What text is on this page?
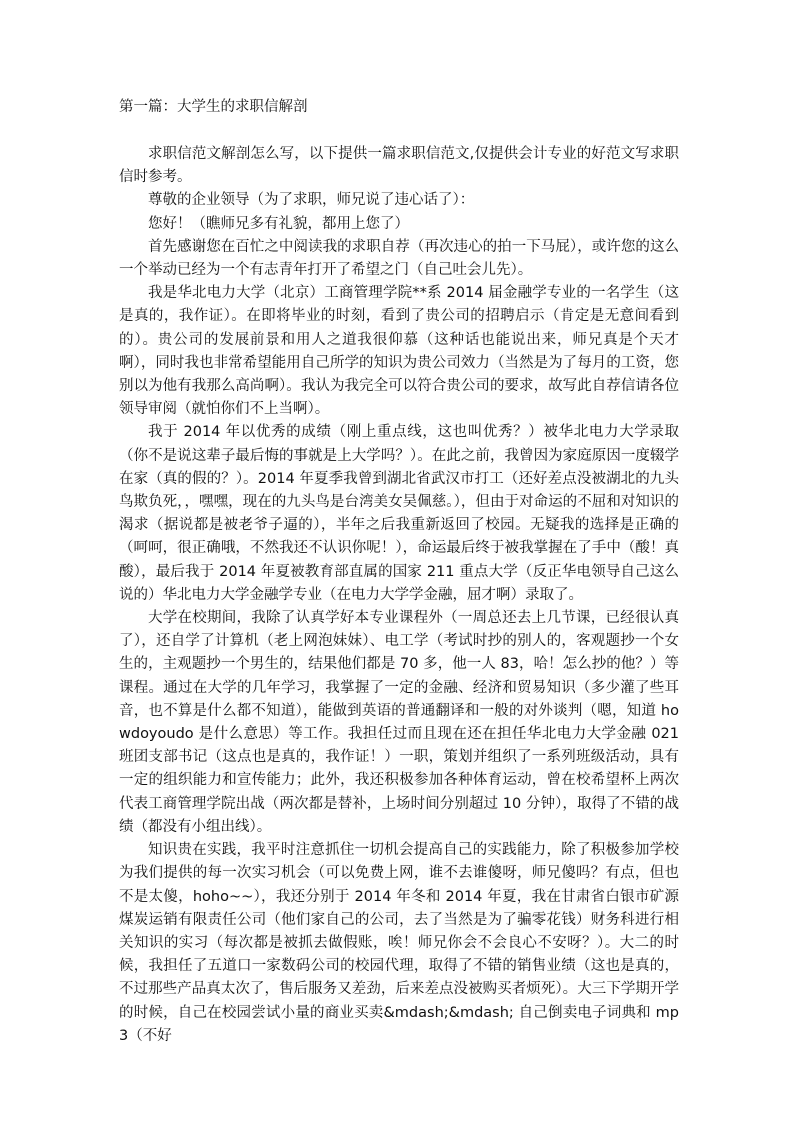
第一篇：大学生的求职信解剖

求职信范文解剖怎么写，以下提供一篇求职信范文,仅提供会计专业的好范文写求职信时参考。

尊敬的企业领导（为了求职，师兄说了违心话了）：

您好！（瞧师兄多有礼貌，都用上您了）

首先感谢您在百忙之中阅读我的求职自荐（再次违心的拍一下马屁），或许您的这么一个举动已经为一个有志青年打开了希望之门（自己吐会儿先）。

我是华北电力大学（北京）工商管理学院**系 2014 届金融学专业的一名学生（这是真的，我作证）。在即将毕业的时刻，看到了贵公司的招聘启示（肯定是无意间看到的）。贵公司的发展前景和用人之道我很仰慕（这种话也能说出来，师兄真是个天才啊），同时我也非常希望能用自己所学的知识为贵公司效力（当然是为了每月的工资，您别以为他有我那么高尚啊）。我认为我完全可以符合贵公司的要求，故写此自荐信请各位领导审阅（就怕你们不上当啊）。

我于 2014 年以优秀的成绩（刚上重点线，这也叫优秀？）被华北电力大学录取（你不是说这辈子最后悔的事就是上大学吗？）。在此之前，我曾因为家庭原因一度辍学在家（真的假的？）。2014 年夏季我曾到湖北省武汉市打工（还好差点没被湖北的九头鸟欺负死，，嘿嘿，现在的九头鸟是台湾美女吴佩慈。），但由于对命运的不屈和对知识的渴求（据说都是被老爷子逼的），半年之后我重新返回了校园。无疑我的选择是正确的（呵呵，很正确哦，不然我还不认识你呢！），命运最后终于被我掌握在了手中（酸！真酸），最后我于 2014 年夏被教育部直属的国家 211 重点大学（反正华电领导自己这么说的）华北电力大学金融学专业（在电力大学学金融，屈才啊）录取了。

大学在校期间，我除了认真学好本专业课程外（一周总还去上几节课，已经很认真了），还自学了计算机（老上网泡妹妹）、电工学（考试时抄的别人的，客观题抄一个女生的，主观题抄一个男生的，结果他们都是 70 多，他一人 83，哈！怎么抄的他？）等课程。通过在大学的几年学习，我掌握了一定的金融、经济和贸易知识（多少灌了些耳音，也不算是什么都不知道），能做到英语的普通翻译和一般的对外谈判（嗯，知道 howdoyoudo 是什么意思）等工作。我担任过而且现在还在担任华北电力大学金融 021 班团支部书记（这点也是真的，我作证！）一职，策划并组织了一系列班级活动，具有一定的组织能力和宣传能力；此外，我还积极参加各种体育运动，曾在校希望杯上两次代表工商管理学院出战（两次都是替补，上场时间分别超过 10 分钟），取得了不错的战绩（都没有小组出线）。

知识贵在实践，我平时注意抓住一切机会提高自己的实践能力，除了积极参加学校为我们提供的每一次实习机会（可以免费上网，谁不去谁傻呀，师兄傻吗？有点，但也不是太傻，hoho~~），我还分别于 2014 年冬和 2014 年夏，我在甘肃省白银市矿源煤炭运销有限责任公司（他们家自己的公司，去了当然是为了骗零花钱）财务科进行相关知识的实习（每次都是被抓去做假账，唉！师兄你会不会良心不安呀？）。大二的时候，我担任了五道口一家数码公司的校园代理，取得了不错的销售业绩（这也是真的，不过那些产品真太次了，售后服务又差劲，后来差点没被购买者烦死）。大三下学期开学的时候，自己在校园尝试小量的商业买卖&mdash;&mdash; 自己倒卖电子词典和 mp3（不好
